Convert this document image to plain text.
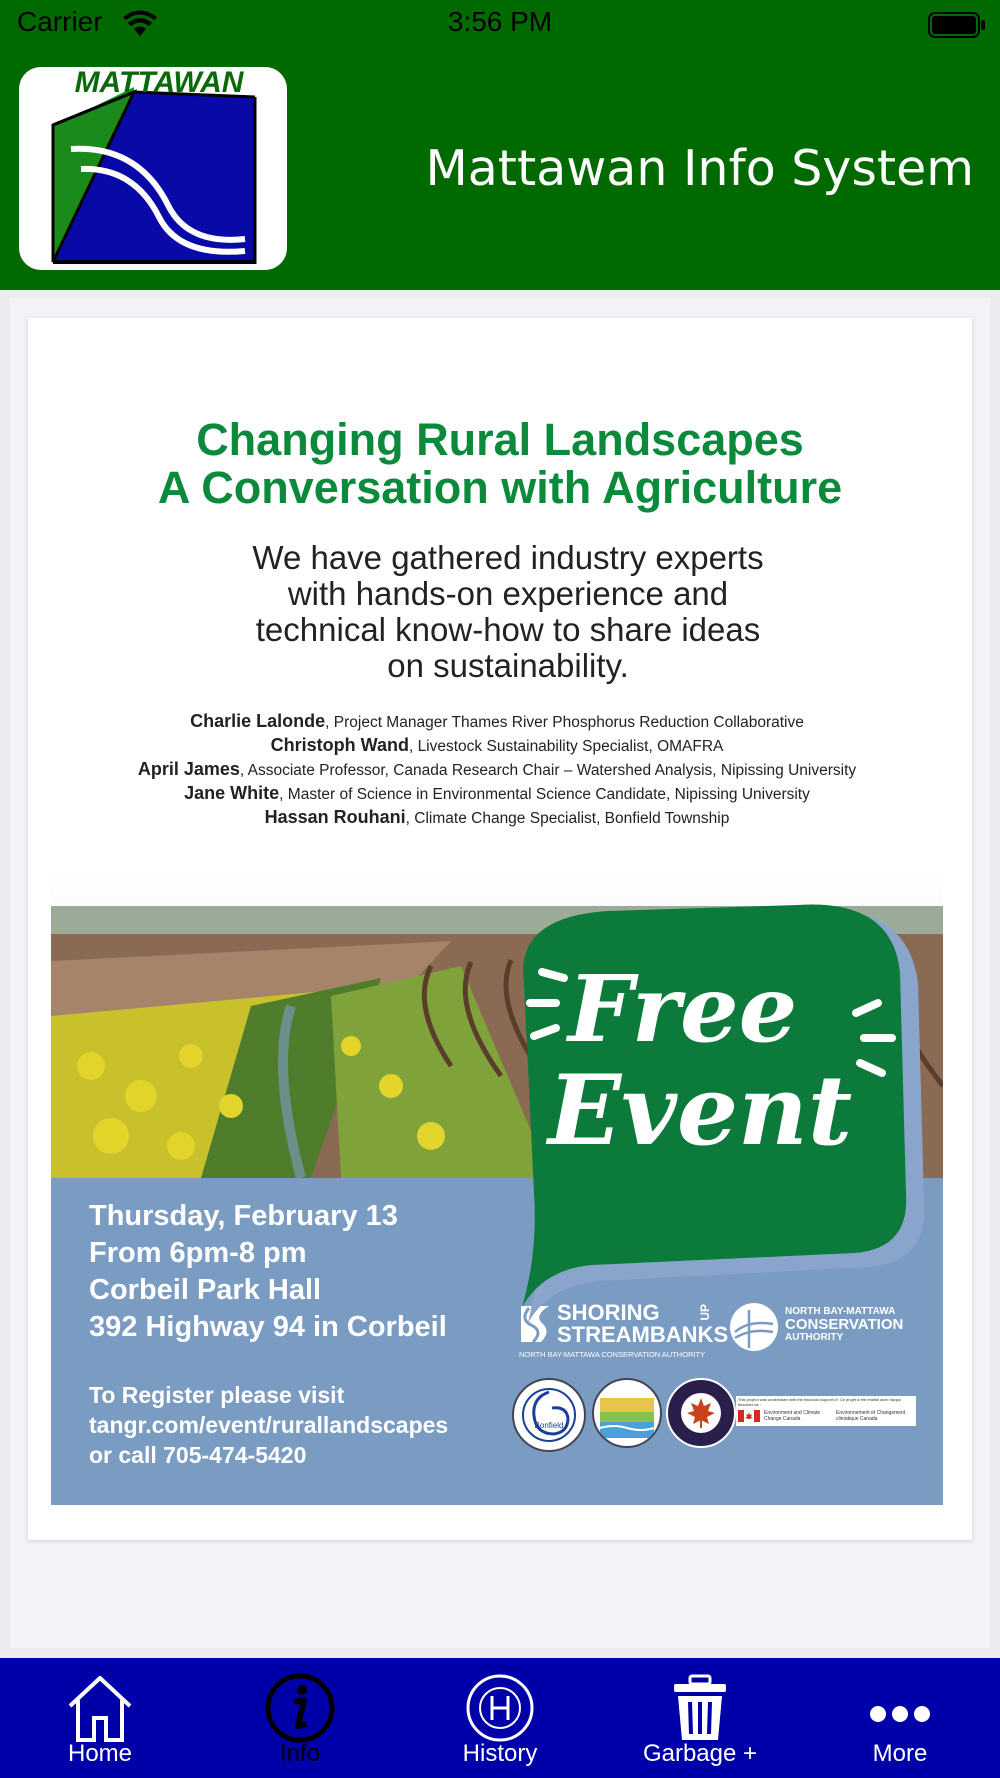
Carrier	3:56 PM
MATTAWAN
Mattawan Info System
Changing Rural Landscapes
A Conversation with Agriculture
We have gathered industry experts
with hands-on experience and
technical know-how to share ideas
on sustainability.
Charlie Lalonde, Project Manager Thames River Phosphorus Reduction Collaborative
Christoph Wand, Livestock Sustainability Specialist, OMAFRA
April James, Associate Professor, Canada Research Chair – Watershed Analysis, Nipissing University
Jane White, Master of Science in Environmental Science Candidate, Nipissing University
Hassan Rouhani, Climate Change Specialist, Bonfield Township
Thursday, February 13
From 6pm-8 pm
Corbeil Park Hall
392 Highway 94 in Corbeil
To Register please visit
tangr.com/event/rurallandscapes
or call 705-474-5420
SHORING
STREAMBANKS
UP
NORTH BAY-MATTAWA CONSERVATION AUTHORITY
NORTH BAY-MATTAWA
CONSERVATION
AUTHORITY
Bonfield
This project was undertaken with the financial support of: Ce projet a été réalisé avec l'appui financier de :
Environment and Climate Change Canada
Environnement et Changement climatique Canada
Free
Event
Home	Info	History	Garbage +	More
